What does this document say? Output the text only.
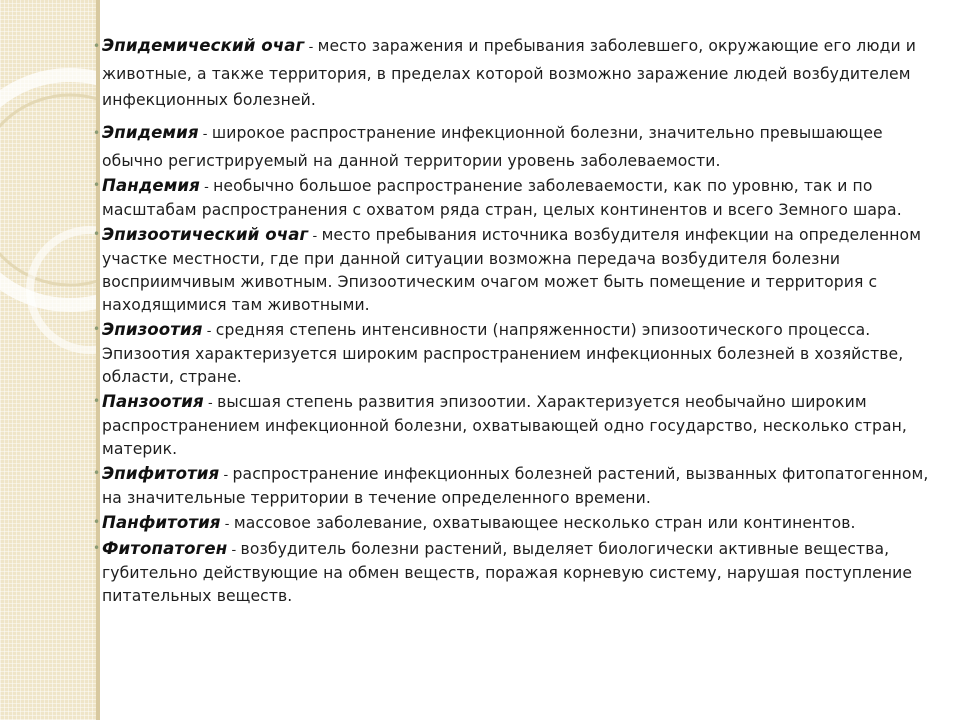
• Эпидемический очаг - место заражения и пребывания заболевшего, окружающие его люди и животные, а также территория, в пределах которой возможно заражение людей возбудителем инфекционных болезней.
• Эпидемия - широкое распространение инфекционной болезни, значительно превышающее обычно регистрируемый на данной территории уровень заболеваемости.
• Пандемия - необычно большое распространение заболеваемости, как по уровню, так и по масштабам распространения с охватом ряда стран, целых континентов и всего Земного шара.
• Эпизоотический очаг - место пребывания источника возбудителя инфекции на определенном участке местности, где при данной ситуации возможна передача возбудителя болезни восприимчивым животным. Эпизоотическим очагом может быть помещение и территория с находящимися там животными.
• Эпизоотия - средняя степень интенсивности (напряженности) эпизоотического процесса. Эпизоотия характеризуется широким распространением инфекционных болезней в хозяйстве, области, стране.
• Панзоотия - высшая степень развития эпизоотии. Характеризуется необычайно широким распространением инфекционной болезни, охватывающей одно государство, несколько стран, материк.
• Эпифитотия - распространение инфекционных болезней растений, вызванных фитопатогенном, на значительные территории в течение определенного времени.
• Панфитотия - массовое заболевание, охватывающее несколько стран или континентов.
• Фитопатоген - возбудитель болезни растений, выделяет биологически активные вещества, губительно действующие на обмен веществ, поражая корневую систему, нарушая поступление питательных веществ.
